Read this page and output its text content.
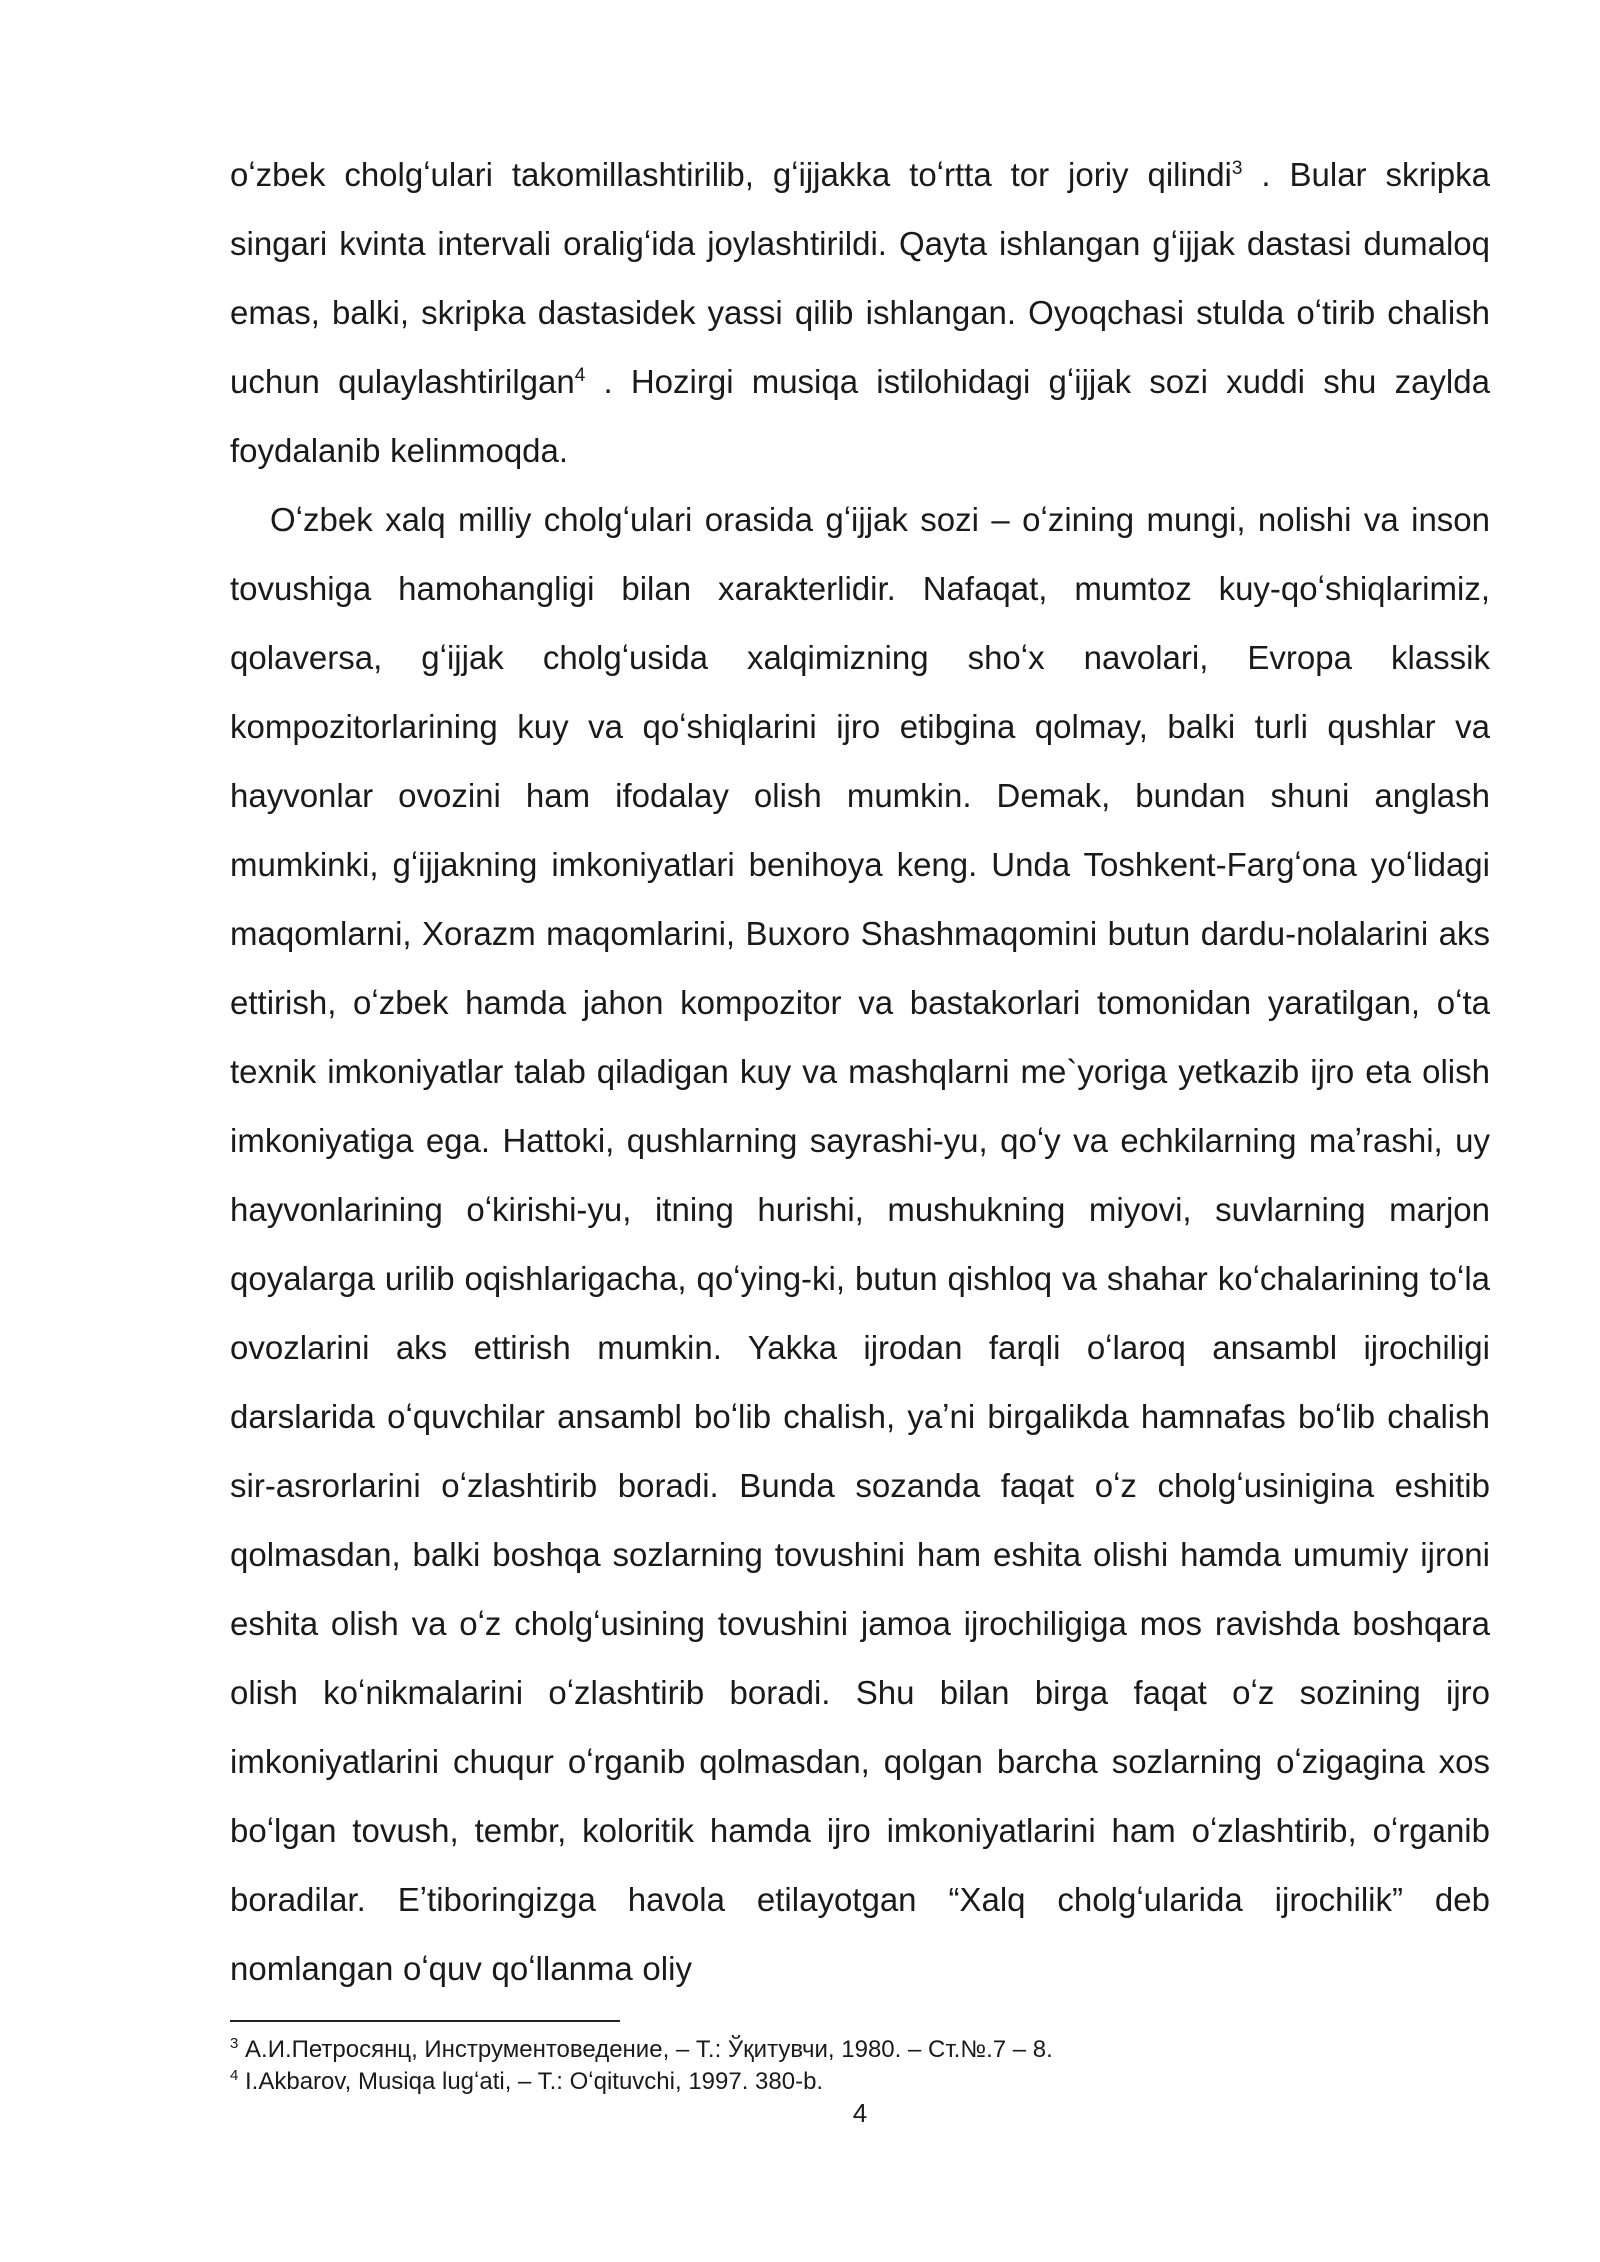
oʻzbek cholgʻulari takomillashtirilib, gʻijjakka toʻrtta tor joriy qilindi$^3$ . Bular skripka singari kvinta intervali oraligʻida joylashtirildi. Qayta ishlangan gʻijjak dastasi dumaloq emas, balki, skripka dastasidek yassi qilib ishlangan. Oyoqchasi stulda oʻtirib chalish uchun qulaylashtirilgan$^4$ . Hozirgi musiqa istilohidagi gʻijjak sozi xuddi shu zaylda foydalanib kelinmoqda.

Oʻzbek xalq milliy cholgʻulari orasida gʻijjak sozi – oʻzining mungi, nolishi va inson tovushiga hamohangligi bilan xarakterlidir. Nafaqat, mumtoz kuy-qoʻshiqlarimiz, qolaversa, gʻijjak cholgʻusida xalqimizning shoʻx navolari, Evropa klassik kompozitorlarining kuy va qoʻshiqlarini ijro etibgina qolmay, balki turli qushlar va hayvonlar ovozini ham ifodalay olish mumkin. Demak, bundan shuni anglash mumkinki, gʻijjakning imkoniyatlari benihoya keng. Unda Toshkent-Fargʻona yoʻlidagi maqomlarni, Xorazm maqomlarini, Buxoro Shashmaqomini butun dardu-nolalarini aks ettirish, oʻzbek hamda jahon kompozitor va bastakorlari tomonidan yaratilgan, oʻta texnik imkoniyatlar talab qiladigan kuy va mashqlarni me`yoriga yetkazib ijro eta olish imkoniyatiga ega. Hattoki, qushlarning sayrashi-yu, qoʻy va echkilarning maʼrashi, uy hayvonlarining oʻkirishi-yu, itning hurishi, mushukning miyovi, suvlarning marjon qoyalarga urilib oqishlarigacha, qoʻying-ki, butun qishloq va shahar koʻchalarining toʻla ovozlarini aks ettirish mumkin. Yakka ijrodan farqli oʻlaroq ansambl ijrochiligi darslarida oʻquvchilar ansambl boʻlib chalish, yaʼni birgalikda hamnafas boʻlib chalish sir-asrorlarini oʻzlashtirib boradi. Bunda sozanda faqat oʻz cholgʻusinigina eshitib qolmasdan, balki boshqa sozlarning tovushini ham eshita olishi hamda umumiy ijroni eshita olish va oʻz cholgʻusining tovushini jamoa ijrochiligiga mos ravishda boshqara olish koʻnikmalarini oʻzlashtirib boradi. Shu bilan birga faqat oʻz sozining ijro imkoniyatlarini chuqur oʻrganib qolmasdan, qolgan barcha sozlarning oʻzigagina xos boʻlgan tovush, tembr, koloritik hamda ijro imkoniyatlarini ham oʻzlashtirib, oʻrganib boradilar. Eʼtiboringizga havola etilayotgan “Xalq cholgʻularida ijrochilik” deb nomlangan oʻquv qoʻllanma oliy

$^3$ А.И.Петросянц, Инструментоведение, – Т.: Ўқитувчи, 1980. – Ст.№.7 – 8.

$^4$ I.Akbarov, Musiqa lugʻati, – T.: Oʻqituvchi, 1997. 380-b.

4
